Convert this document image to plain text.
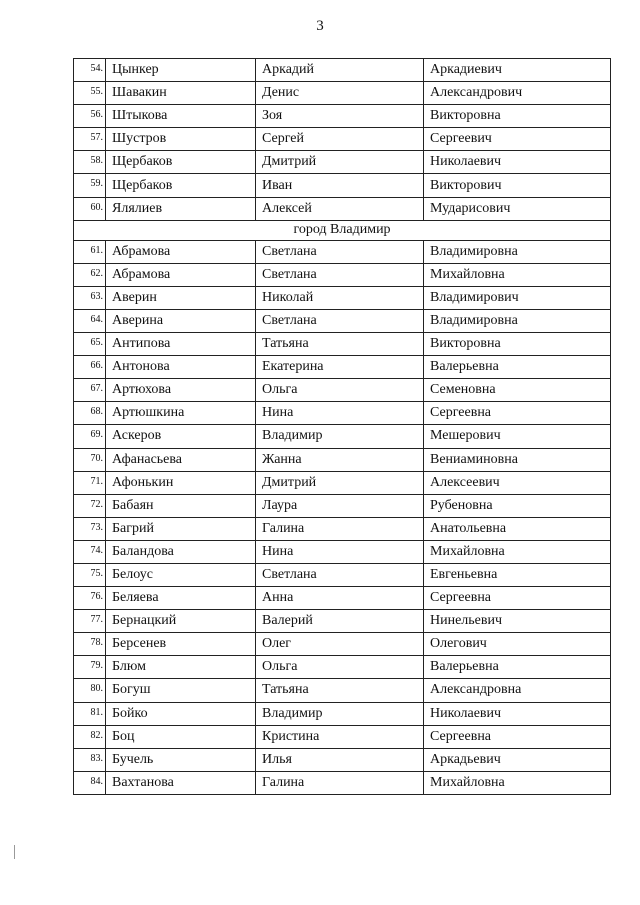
3
54.	Цынкер	Аркадий	Аркадиевич
55.	Шавакин	Денис	Александрович
56.	Штыкова	Зоя	Викторовна
57.	Шустров	Сергей	Сергеевич
58.	Щербаков	Дмитрий	Николаевич
59.	Щербаков	Иван	Викторович
60.	Ялялиев	Алексей	Мударисович
город Владимир			
61.	Абрамова	Светлана	Владимировна
62.	Абрамова	Светлана	Михайловна
63.	Аверин	Николай	Владимирович
64.	Аверина	Светлана	Владимировна
65.	Антипова	Татьяна	Викторовна
66.	Антонова	Екатерина	Валерьевна
67.	Артюхова	Ольга	Семеновна
68.	Артюшкина	Нина	Сергеевна
69.	Аскеров	Владимир	Мешерович
70.	Афанасьева	Жанна	Вениаминовна
71.	Афонькин	Дмитрий	Алексеевич
72.	Бабаян	Лаура	Рубеновна
73.	Багрий	Галина	Анатольевна
74.	Баландова	Нина	Михайловна
75.	Белоус	Светлана	Евгеньевна
76.	Беляева	Анна	Сергеевна
77.	Бернацкий	Валерий	Нинельевич
78.	Берсенев	Олег	Олегович
79.	Блюм	Ольга	Валерьевна
80.	Богуш	Татьяна	Александровна
81.	Бойко	Владимир	Николаевич
82.	Боц	Кристина	Сергеевна
83.	Бучель	Илья	Аркадьевич
84.	Вахтанова	Галина	Михайловна
